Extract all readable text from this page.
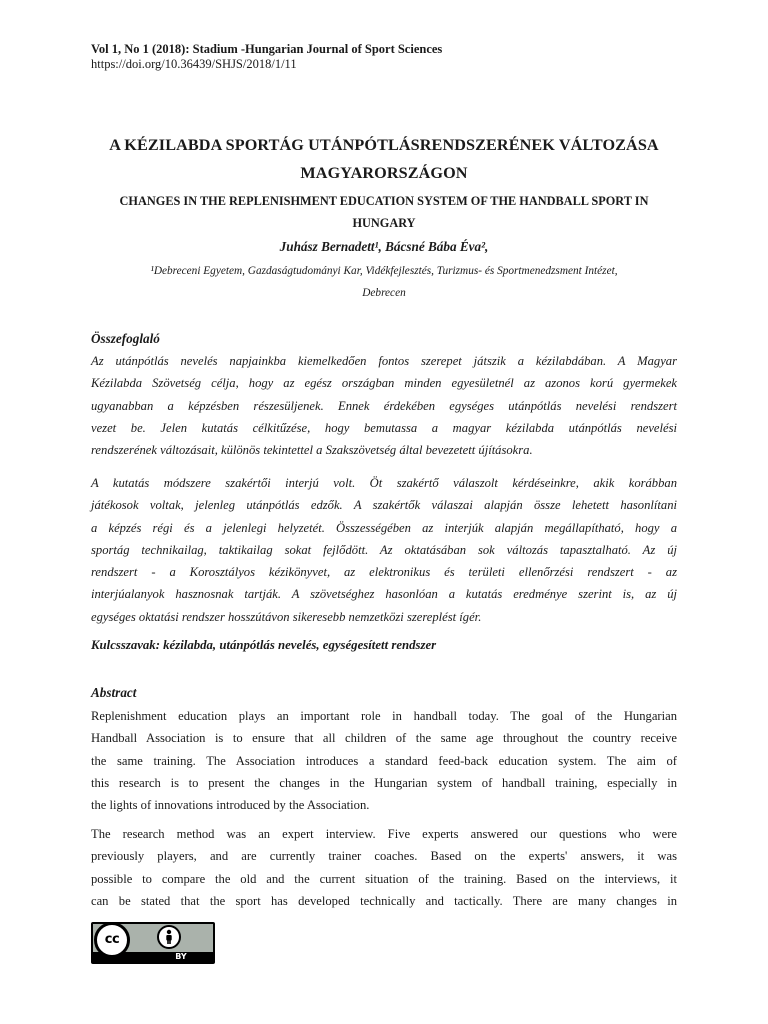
Vol 1, No 1 (2018): Stadium -Hungarian Journal of Sport Sciences

https://doi.org/10.36439/SHJS/2018/1/11

A KÉZILABDA SPORTÁG UTÁNPÓTLÁSRENDSZERÉNEK VÁLTOZÁSA
MAGYARORSZÁGON
CHANGES IN THE REPLENISHMENT EDUCATION SYSTEM OF THE HANDBALL SPORT IN
HUNGARY

Juhász Bernadett¹, Bácsné Bába Éva²,

¹Debreceni Egyetem, Gazdaságtudományi Kar, Vidékfejlesztés, Turizmus- és Sportmenedzsment Intézet,
Debrecen

Összefoglaló

Az utánpótlás nevelés napjainkba kiemelkedően fontos szerepet játszik a kézilabdában. A Magyar
Kézilabda Szövetség célja, hogy az egész országban minden egyesületnél az azonos korú gyermekek
ugyanabban a képzésben részesüljenek. Ennek érdekében egységes utánpótlás nevelési rendszert
vezet be. Jelen kutatás célkitűzése, hogy bemutassa a magyar kézilabda utánpótlás nevelési
rendszerének változásait, különös tekintettel a Szakszövetség által bevezetett újításokra.
A kutatás módszere szakértői interjú volt. Öt szakértő válaszolt kérdéseinkre, akik korábban
játékosok voltak, jelenleg utánpótlás edzők. A szakértők válaszai alapján össze lehetett hasonlítani
a képzés régi és a jelenlegi helyzetét. Összességében az interjúk alapján megállapítható, hogy a
sportág technikailag, taktikailag sokat fejlődött. Az oktatásában sok változás tapasztalható. Az új
rendszert - a Korosztályos kézikönyvet, az elektronikus és területi ellenőrzési rendszert - az
interjúalanyok hasznosnak tartják. A szövetséghez hasonlóan a kutatás eredménye szerint is, az új
egységes oktatási rendszer hosszútávon sikeresebb nemzetközi szereplést ígér.

Kulcsszavak: kézilabda, utánpótlás nevelés, egységesített rendszer

Abstract

Replenishment education plays an important role in handball today. The goal of the Hungarian
Handball Association is to ensure that all children of the same age throughout the country receive
the same training. The Association introduces a standard feed-back education system. The aim of
this research is to present the changes in the Hungarian system of handball training, especially in
the lights of innovations introduced by the Association.
The research method was an expert interview. Five experts answered our questions who were
previously players, and are currently trainer coaches. Based on the experts' answers, it was
possible to compare the old and the current situation of the training. Based on the interviews, it
can be stated that the sport has developed technically and tactically. There are many changes in
cc
BY
